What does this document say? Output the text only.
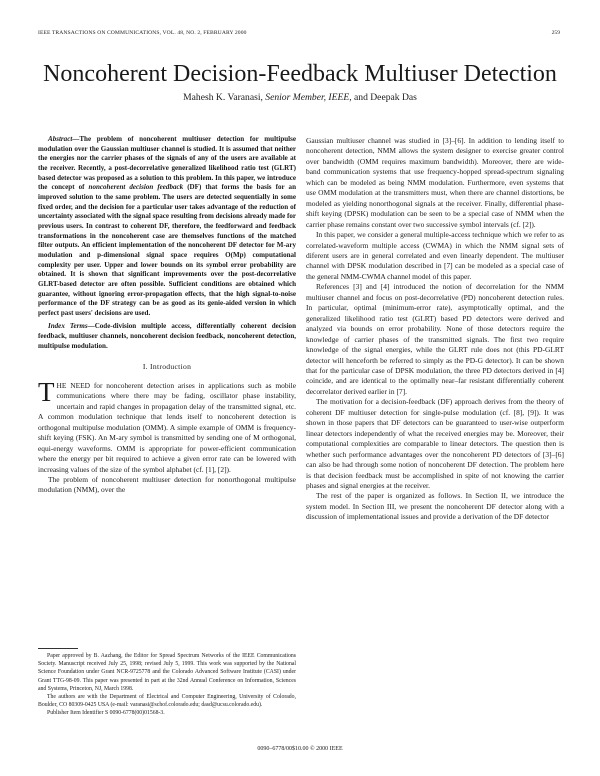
IEEE TRANSACTIONS ON COMMUNICATIONS, VOL. 48, NO. 2, FEBRUARY 2000	259
Noncoherent Decision-Feedback Multiuser Detection
Mahesh K. Varanasi, Senior Member, IEEE, and Deepak Das

Abstract—The problem of noncoherent multiuser detection for multipulse modulation over the Gaussian multiuser channel is studied. It is assumed that neither the energies nor the carrier phases of the signals of any of the users are available at the receiver. Recently, a post-decorrelative generalized likelihood ratio test (GLRT) based detector was proposed as a solution to this problem. In this paper, we introduce the concept of noncoherent decision feedback (DF) that forms the basis for an improved solution to the same problem. The users are detected sequentially in some fixed order, and the decision for a particular user takes advantage of the reduction of uncertainty associated with the signal space resulting from decisions already made for previous users. In contrast to coherent DF, therefore, the feedforward and feedback transformations in the noncoherent case are themselves functions of the matched filter outputs. An efficient implementation of the noncoherent DF detector for M-ary modulation and p-dimensional signal space requires O(Mp) computational complexity per user. Upper and lower bounds on its symbol error probability are obtained. It is shown that significant improvements over the post-decorrelative GLRT-based detector are often possible. Sufficient conditions are obtained which guarantee, without ignoring error-propagation effects, that the high signal-to-noise performance of the DF strategy can be as good as its genie-aided version in which perfect past users' decisions are used.

Index Terms—Code-division multiple access, differentially coherent decision feedback, multiuser channels, noncoherent decision feedback, noncoherent detection, multipulse modulation.

I. Introduction

THE NEED for noncoherent detection arises in applications such as mobile communications where there may be fading, oscillator phase instability, uncertain and rapid changes in propagation delay of the transmitted signal, etc. A common modulation technique that lends itself to noncoherent detection is orthogonal multipulse modulation (OMM). A simple example of OMM is frequency-shift keying (FSK). An M-ary symbol is transmitted by sending one of M orthogonal, equi-energy waveforms. OMM is appropriate for power-efficient communication where the energy per bit required to achieve a given error rate can be lowered with increasing values of the size of the symbol alphabet (cf. [1], [2]).

The problem of noncoherent multiuser detection for nonorthogonal multipulse modulation (NMM), over the

Paper approved by B. Aazhang, the Editor for Spread Spectrum Networks of the IEEE Communications Society. Manuscript received July 25, 1998; revised July 5, 1999. This work was supported by the National Science Foundation under Grant NCR-9725778 and the Colorado Advanced Software Institute (CASI) under Grant TTG-98-09. This paper was presented in part at the 32nd Annual Conference on Information, Sciences and Systems, Princeton, NJ, March 1998.

The authors are with the Department of Electrical and Computer Engineering, University of Colorado, Boulder, CO 80309-0425 USA (e-mail: varanasi@schof.colorado.edu; dasd@ucsu.colorado.edu).

Publisher Item Identifier S 0090-6778(00)01568-3.

Gaussian multiuser channel was studied in [3]–[6]. In addition to lending itself to noncoherent detection, NMM allows the system designer to exercise greater control over bandwidth (OMM requires maximum bandwidth). Moreover, there are wide-band communication systems that use frequency-hopped spread-spectrum signaling which can be modeled as being NMM modulation. Furthermore, even systems that use OMM modulation at the transmitters must, when there are channel distortions, be modeled as yielding nonorthogonal signals at the receiver. Finally, differential phase-shift keying (DPSK) modulation can be seen to be a special case of NMM when the carrier phase remains constant over two successive symbol intervals (cf. [2]).

In this paper, we consider a general multiple-access technique which we refer to as correlated-waveform multiple access (CWMA) in which the NMM signal sets of diferent users are in general correlated and even linearly dependent. The multiuser channel with DPSK modulation described in [7] can be modeled as a special case of the general NMM-CWMA channel model of this paper.

References [3] and [4] introduced the notion of decorrelation for the NMM multiuser channel and focus on post-decorrelative (PD) noncoherent detection rules. In particular, optimal (minimum-error rate), asymptotically optimal, and the generalized likelihood ratio test (GLRT) based PD detectors were derived and analyzed via bounds on error probability. None of those detectors require the knowledge of carrier phases of the transmitted signals. The first two require knowledge of the signal energies, while the GLRT rule does not (this PD-GLRT detector will henceforth be referred to simply as the PD-G detector). It can be shown that for the particular case of DPSK modulation, the three PD detectors derived in [4] coincide, and are identical to the optimally near–far resistant differentially coherent decorrelator derived earlier in [7].

The motivation for a decision-feedback (DF) approach derives from the theory of coherent DF multiuser detection for single-pulse modulation (cf. [8], [9]). It was shown in those papers that DF detectors can be guaranteed to user-wise outperform linear detectors independently of what the received energies may be. Moreover, their computational complexities are comparable to linear detectors. The question then is whether such performance advantages over the noncoherent PD detectors of [3]–[6] can also be had through some notion of noncoherent DF detection. The problem here is that decision feedback must be accomplished in spite of not knowing the carrier phases and signal energies at the receiver.

The rest of the paper is organized as follows. In Section II, we introduce the system model. In Section III, we present the noncoherent DF detector along with a discussion of implementational issues and provide a derivation of the DF detector

0090–6778/00$10.00 © 2000 IEEE
